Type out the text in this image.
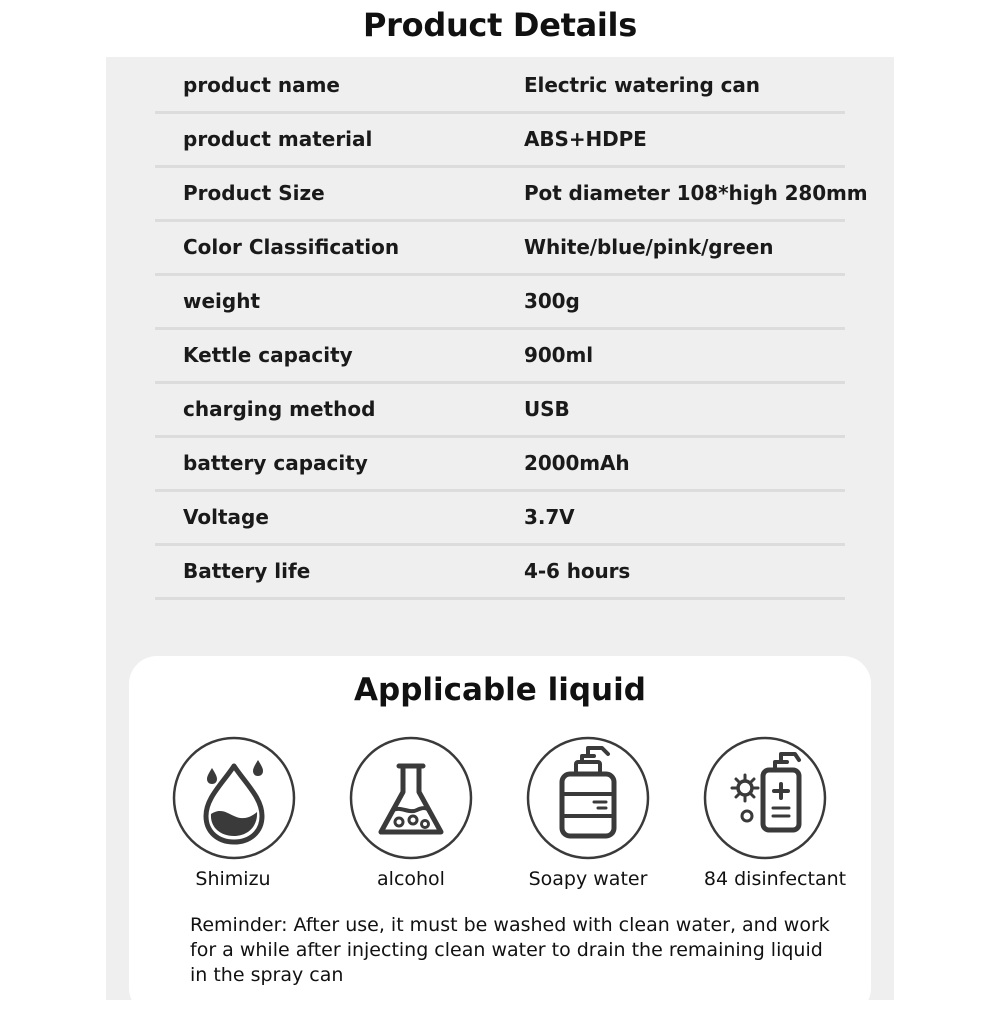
Product Details
product name	Electric watering can
product material	ABS+HDPE
Product Size	Pot diameter 108*high 280mm
Color Classification	White/blue/pink/green
weight	300g
Kettle capacity	900ml
charging method	USB
battery capacity	2000mAh
Voltage	3.7V
Battery life	4-6 hours
Applicable liquid
Shimizu	alcohol	Soapy water	84 disinfectant
Reminder: After use, it must be washed with clean water, and work for a while after injecting clean water to drain the remaining liquid in the spray can
